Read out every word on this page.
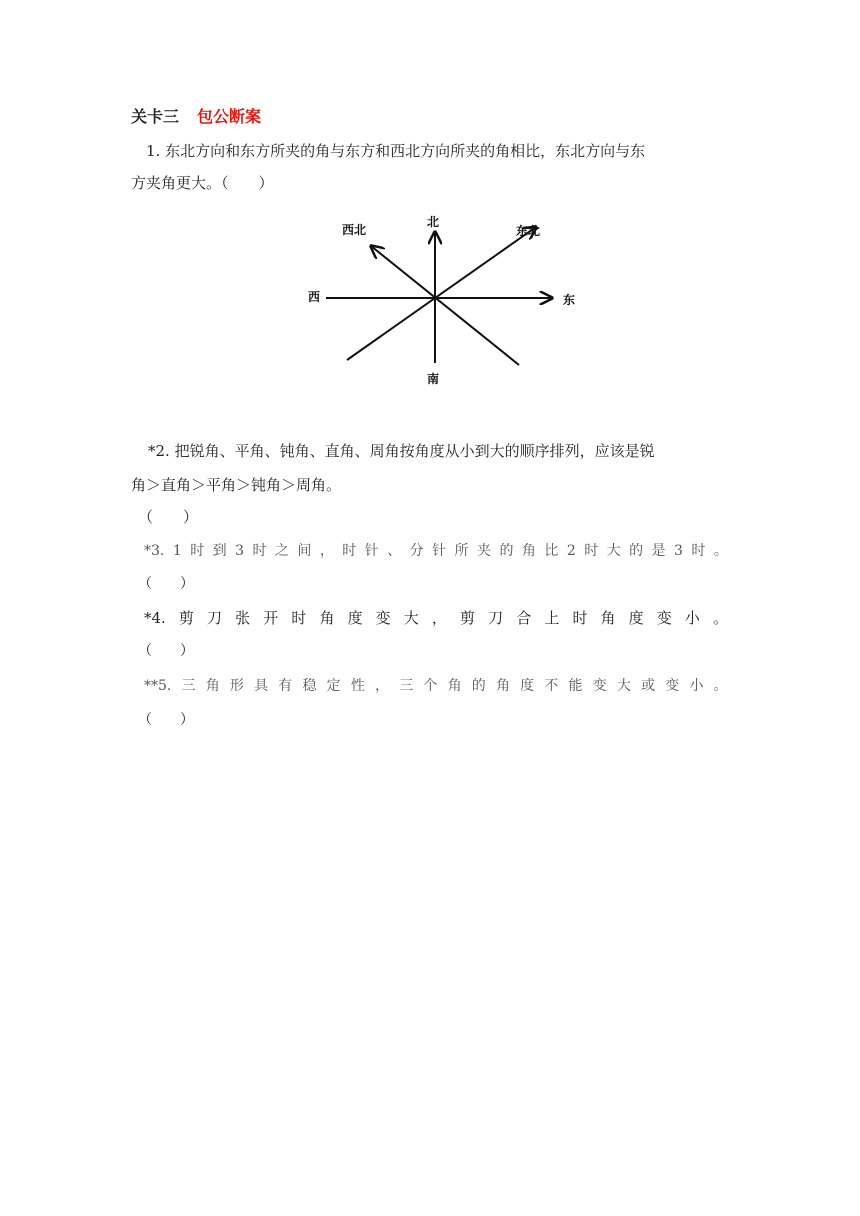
关卡三 包公断案
1. 东北方向和东方所夹的角与东方和西北方向所夹的角相比，东北方向与东
方夹角更大。（　　）
北
南
东
西
东北
西北
*2. 把锐角、平角、钝角、直角、周角按角度从小到大的顺序排列，应该是锐
角＞直角＞平角＞钝角＞周角。
（　　）
*3. 1 时 到 3 时 之 间 ， 时 针 、 分 针 所 夹 的 角 比 2 时 大 的 是 3 时 。
（　　）
*4. 剪 刀 张 开 时 角 度 变 大 ， 剪 刀 合 上 时 角 度 变 小 。
（　　）
**5. 三 角 形 具 有 稳 定 性 ， 三 个 角 的 角 度 不 能 变 大 或 变 小 。
（　　）
